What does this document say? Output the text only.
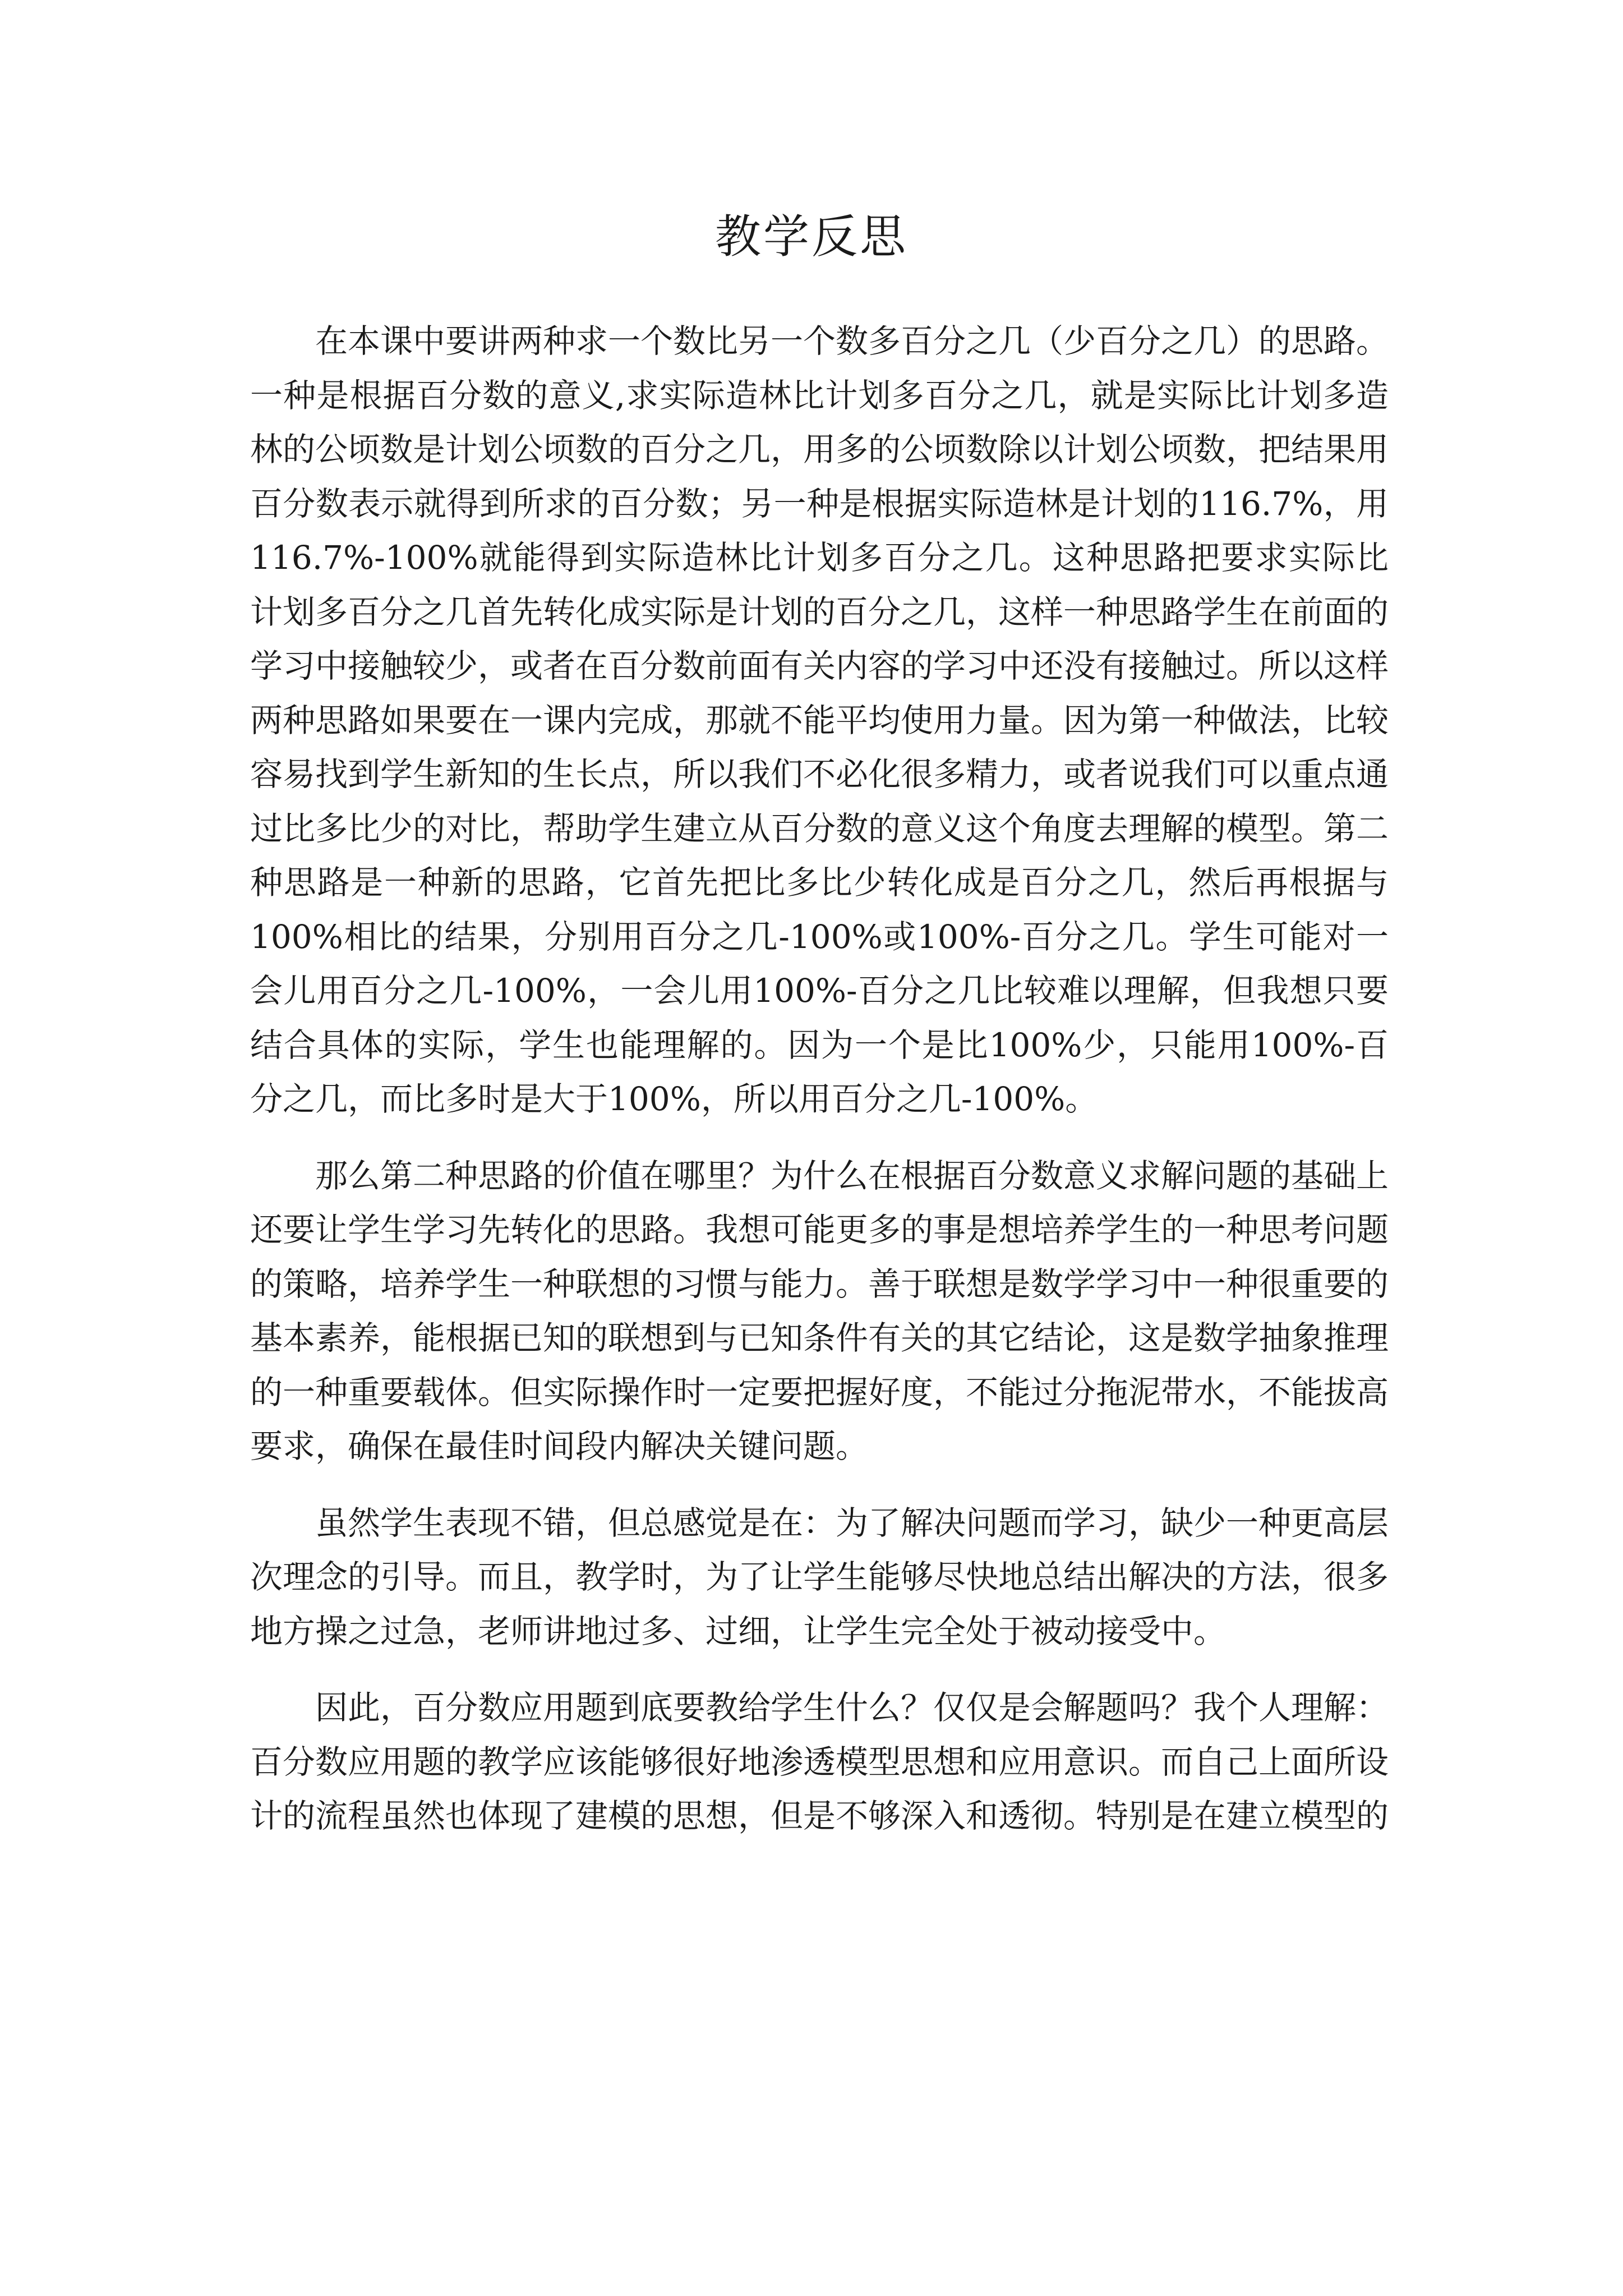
教学反思

在本课中要讲两种求一个数比另一个数多百分之几（少百分之几）的思路。一种是根据百分数的意义,求实际造林比计划多百分之几，就是实际比计划多造林的公顷数是计划公顷数的百分之几，用多的公顷数除以计划公顷数，把结果用百分数表示就得到所求的百分数；另一种是根据实际造林是计划的116.7%，用116.7%-100%就能得到实际造林比计划多百分之几。这种思路把要求实际比计划多百分之几首先转化成实际是计划的百分之几，这样一种思路学生在前面的学习中接触较少，或者在百分数前面有关内容的学习中还没有接触过。所以这样两种思路如果要在一课内完成，那就不能平均使用力量。因为第一种做法，比较容易找到学生新知的生长点，所以我们不必化很多精力，或者说我们可以重点通过比多比少的对比，帮助学生建立从百分数的意义这个角度去理解的模型。第二种思路是一种新的思路，它首先把比多比少转化成是百分之几，然后再根据与100%相比的结果，分别用百分之几-100%或100%-百分之几。学生可能对一会儿用百分之几-100%，一会儿用100%-百分之几比较难以理解，但我想只要结合具体的实际，学生也能理解的。因为一个是比100%少，只能用100%-百分之几，而比多时是大于100%，所以用百分之几-100%。

那么第二种思路的价值在哪里？为什么在根据百分数意义求解问题的基础上还要让学生学习先转化的思路。我想可能更多的事是想培养学生的一种思考问题的策略，培养学生一种联想的习惯与能力。善于联想是数学学习中一种很重要的基本素养，能根据已知的联想到与已知条件有关的其它结论，这是数学抽象推理的一种重要载体。但实际操作时一定要把握好度，不能过分拖泥带水，不能拔高要求，确保在最佳时间段内解决关键问题。

虽然学生表现不错，但总感觉是在：为了解决问题而学习，缺少一种更高层次理念的引导。而且，教学时，为了让学生能够尽快地总结出解决的方法，很多地方操之过急，老师讲地过多、过细，让学生完全处于被动接受中。

因此，百分数应用题到底要教给学生什么？仅仅是会解题吗？我个人理解：百分数应用题的教学应该能够很好地渗透模型思想和应用意识。而自己上面所设计的流程虽然也体现了建模的思想，但是不够深入和透彻。特别是在建立模型的
